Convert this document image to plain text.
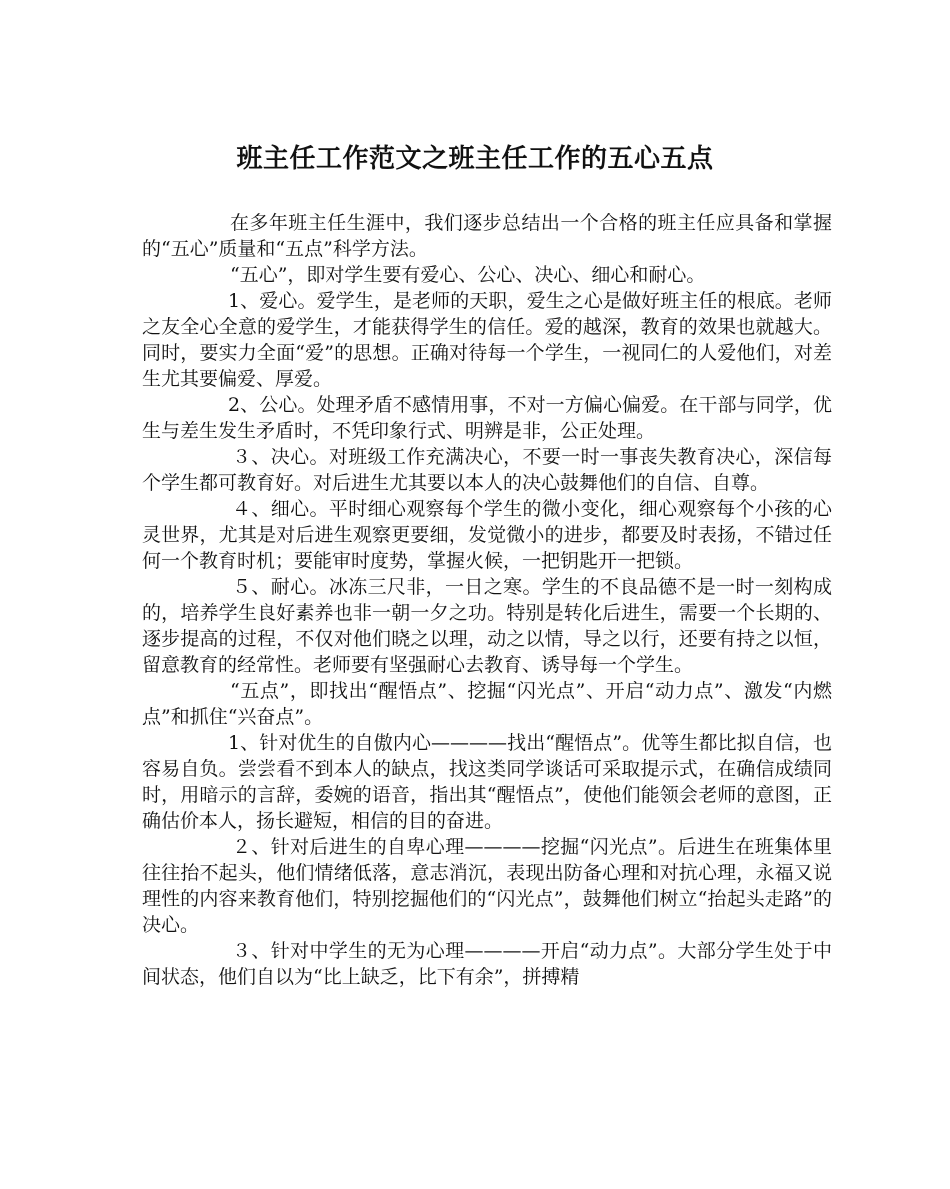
班主任工作范文之班主任工作的五心五点

在多年班主任生涯中，我们逐步总结出一个合格的班主任应具备和掌握的“五心”质量和“五点”科学方法。

“五心”，即对学生要有爱心、公心、决心、细心和耐心。

1、爱心。爱学生，是老师的天职，爱生之心是做好班主任的根底。老师之友全心全意的爱学生，才能获得学生的信任。爱的越深，教育的效果也就越大。同时，要实力全面“爱”的思想。正确对待每一个学生，一视同仁的人爱他们，对差生尤其要偏爱、厚爱。

2、公心。处理矛盾不感情用事，不对一方偏心偏爱。在干部与同学，优生与差生发生矛盾时，不凭印象行式、明辨是非，公正处理。

３、决心。对班级工作充满决心，不要一时一事丧失教育决心，深信每个学生都可教育好。对后进生尤其要以本人的决心鼓舞他们的自信、自尊。

４、细心。平时细心观察每个学生的微小变化，细心观察每个小孩的心灵世界，尤其是对后进生观察更要细，发觉微小的进步，都要及时表扬，不错过任何一个教育时机；要能审时度势，掌握火候，一把钥匙开一把锁。

５、耐心。冰冻三尺非，一日之寒。学生的不良品德不是一时一刻构成的，培养学生良好素养也非一朝一夕之功。特别是转化后进生，需要一个长期的、逐步提高的过程，不仅对他们晓之以理，动之以情，导之以行，还要有持之以恒，留意教育的经常性。老师要有坚强耐心去教育、诱导每一个学生。

“五点”，即找出“醒悟点”、挖掘“闪光点”、开启“动力点”、激发“内燃点”和抓住“兴奋点”。

1、针对优生的自傲内心————找出“醒悟点”。优等生都比拟自信，也容易自负。尝尝看不到本人的缺点，找这类同学谈话可采取提示式，在确信成绩同时，用暗示的言辞，委婉的语音，指出其“醒悟点”，使他们能领会老师的意图，正确估价本人，扬长避短，相信的目的奋进。

２、针对后进生的自卑心理————挖掘“闪光点”。后进生在班集体里往往抬不起头，他们情绪低落，意志消沉，表现出防备心理和对抗心理，永福又说理性的内容来教育他们，特别挖掘他们的“闪光点”，鼓舞他们树立“抬起头走路”的决心。

３、针对中学生的无为心理————开启“动力点”。大部分学生处于中间状态，他们自以为“比上缺乏，比下有余”，拼搏精
